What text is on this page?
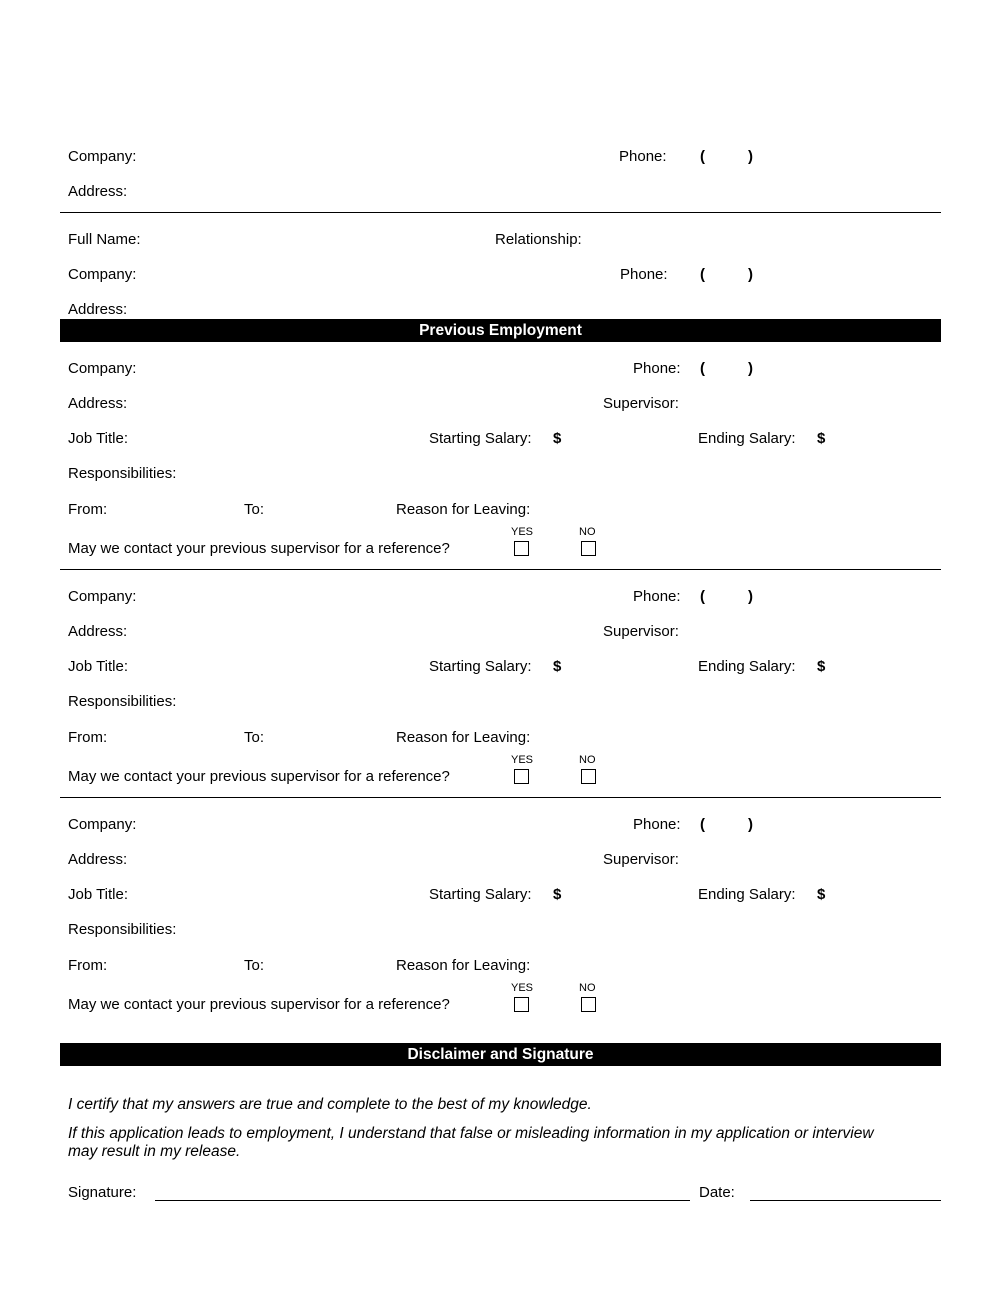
Company:	Phone: (	)
Address:
Full Name:	Relationship:
Company:	Phone: (	)
Address:
Previous Employment
Company:	Phone: (	)
Address:	Supervisor:
Job Title:	Starting Salary: $	Ending Salary: $
Responsibilities:
From:	To:	Reason for Leaving:
YES	NO
May we contact your previous supervisor for a reference?
Company:	Phone: (	)
Address:	Supervisor:
Job Title:	Starting Salary: $	Ending Salary: $
Responsibilities:
From:	To:	Reason for Leaving:
YES	NO
May we contact your previous supervisor for a reference?
Company:	Phone: (	)
Address:	Supervisor:
Job Title:	Starting Salary: $	Ending Salary: $
Responsibilities:
From:	To:	Reason for Leaving:
YES	NO
May we contact your previous supervisor for a reference?
Disclaimer and Signature
I certify that my answers are true and complete to the best of my knowledge.
If this application leads to employment, I understand that false or misleading information in my application or interview
may result in my release.
Signature:	Date:
